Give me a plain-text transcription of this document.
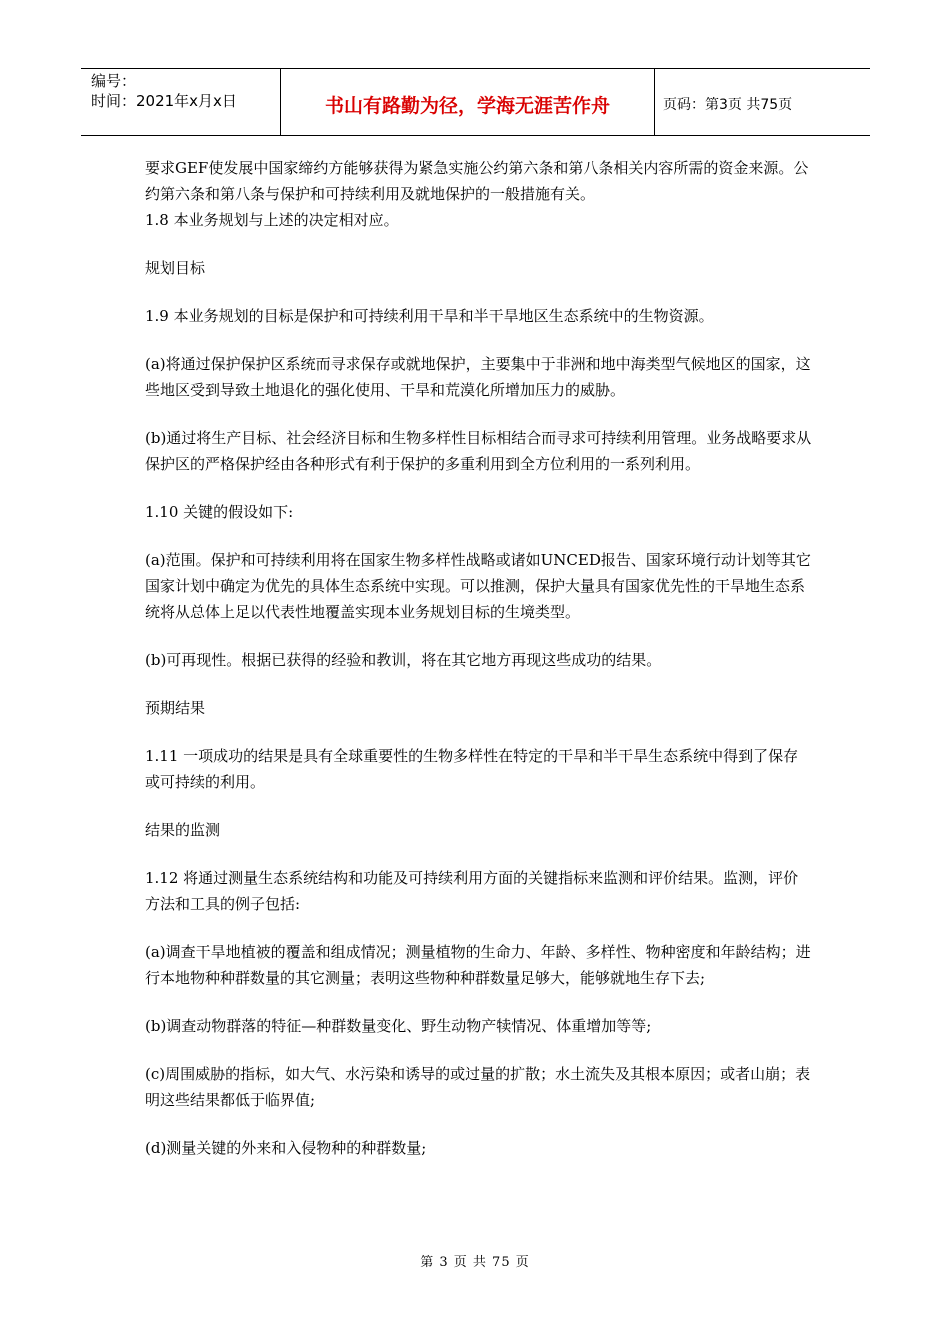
编号：
时间：2021年x月x日	书山有路勤为径，学海无涯苦作舟	页码：第3页 共75页

要求GEF使发展中国家缔约方能够获得为紧急实施公约第六条和第八条相关内容所需的资金来源。公约第六条和第八条与保护和可持续利用及就地保护的一般措施有关。

1.8 本业务规划与上述的决定相对应。

规划目标

1.9 本业务规划的目标是保护和可持续利用干旱和半干旱地区生态系统中的生物资源。

(a)将通过保护保护区系统而寻求保存或就地保护，主要集中于非洲和地中海类型气候地区的国家，这些地区受到导致土地退化的强化使用、干旱和荒漠化所增加压力的威胁。

(b)通过将生产目标、社会经济目标和生物多样性目标相结合而寻求可持续利用管理。业务战略要求从保护区的严格保护经由各种形式有利于保护的多重利用到全方位利用的一系列利用。

1.10 关键的假设如下:

(a)范围。保护和可持续利用将在国家生物多样性战略或诸如UNCED报告、国家环境行动计划等其它国家计划中确定为优先的具体生态系统中实现。可以推测，保护大量具有国家优先性的干旱地生态系统将从总体上足以代表性地覆盖实现本业务规划目标的生境类型。

(b)可再现性。根据已获得的经验和教训，将在其它地方再现这些成功的结果。

预期结果

1.11 一项成功的结果是具有全球重要性的生物多样性在特定的干旱和半干旱生态系统中得到了保存或可持续的利用。

结果的监测

1.12 将通过测量生态系统结构和功能及可持续利用方面的关键指标来监测和评价结果。监测，评价方法和工具的例子包括:

(a)调查干旱地植被的覆盖和组成情况；测量植物的生命力、年龄、多样性、物种密度和年龄结构；进行本地物种种群数量的其它测量；表明这些物种种群数量足够大，能够就地生存下去;

(b)调查动物群落的特征—种群数量变化、野生动物产犊情况、体重增加等等;

(c)周围威胁的指标，如大气、水污染和诱导的或过量的扩散；水土流失及其根本原因；或者山崩；表明这些结果都低于临界值;

(d)测量关键的外来和入侵物种的种群数量;

第 3 页 共 75 页
